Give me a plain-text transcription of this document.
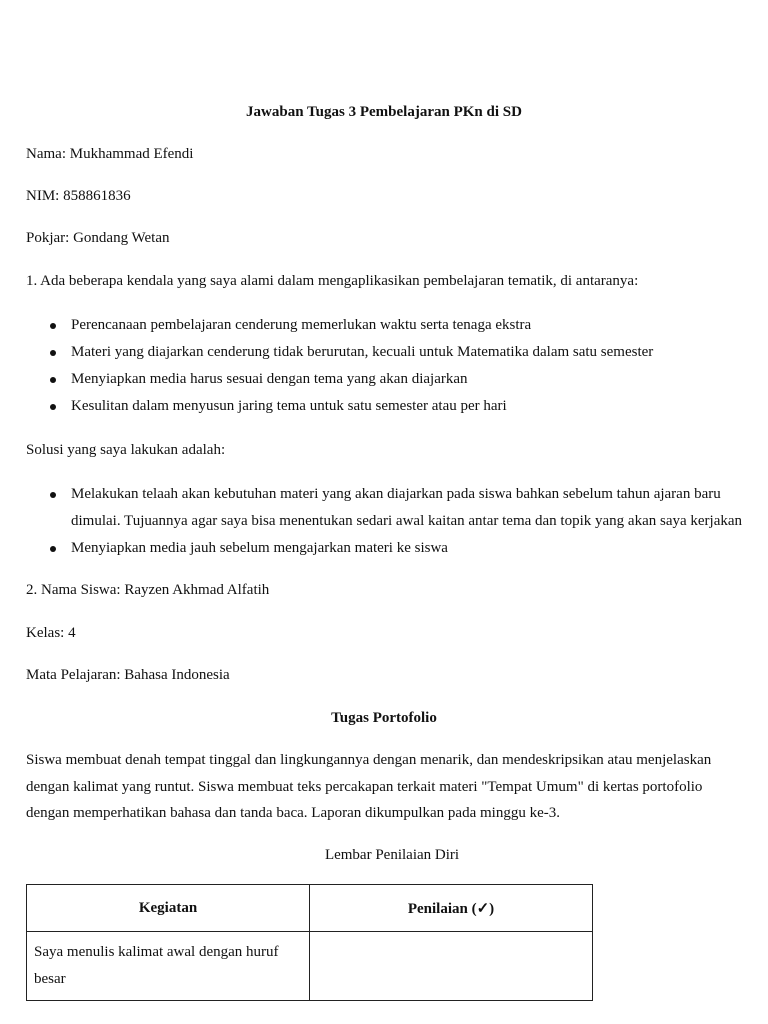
Jawaban Tugas 3 Pembelajaran PKn di SD
Nama: Mukhammad Efendi
NIM: 858861836
Pokjar: Gondang Wetan
1. Ada beberapa kendala yang saya alami dalam mengaplikasikan pembelajaran tematik, di antaranya:
Perencanaan pembelajaran cenderung memerlukan waktu serta tenaga ekstra
Materi yang diajarkan cenderung tidak berurutan, kecuali untuk Matematika dalam satu semester
Menyiapkan media harus sesuai dengan tema yang akan diajarkan
Kesulitan dalam menyusun jaring tema untuk satu semester atau per hari
Solusi yang saya lakukan adalah:
Melakukan telaah akan kebutuhan materi yang akan diajarkan pada siswa bahkan sebelum tahun ajaran baru
dimulai. Tujuannya agar saya bisa menentukan sedari awal kaitan antar tema dan topik yang akan saya kerjakan
Menyiapkan media jauh sebelum mengajarkan materi ke siswa
2. Nama Siswa: Rayzen Akhmad Alfatih
Kelas: 4
Mata Pelajaran: Bahasa Indonesia
Tugas Portofolio
Siswa membuat denah tempat tinggal dan lingkungannya dengan menarik, dan mendeskripsikan atau menjelaskan
dengan kalimat yang runtut. Siswa membuat teks percakapan terkait materi "Tempat Umum" di kertas portofolio
dengan memperhatikan bahasa dan tanda baca. Laporan dikumpulkan pada minggu ke-3.
Lembar Penilaian Diri
Kegiatan	Penilaian (✓)

Saya menulis kalimat awal dengan huruf
besar	
